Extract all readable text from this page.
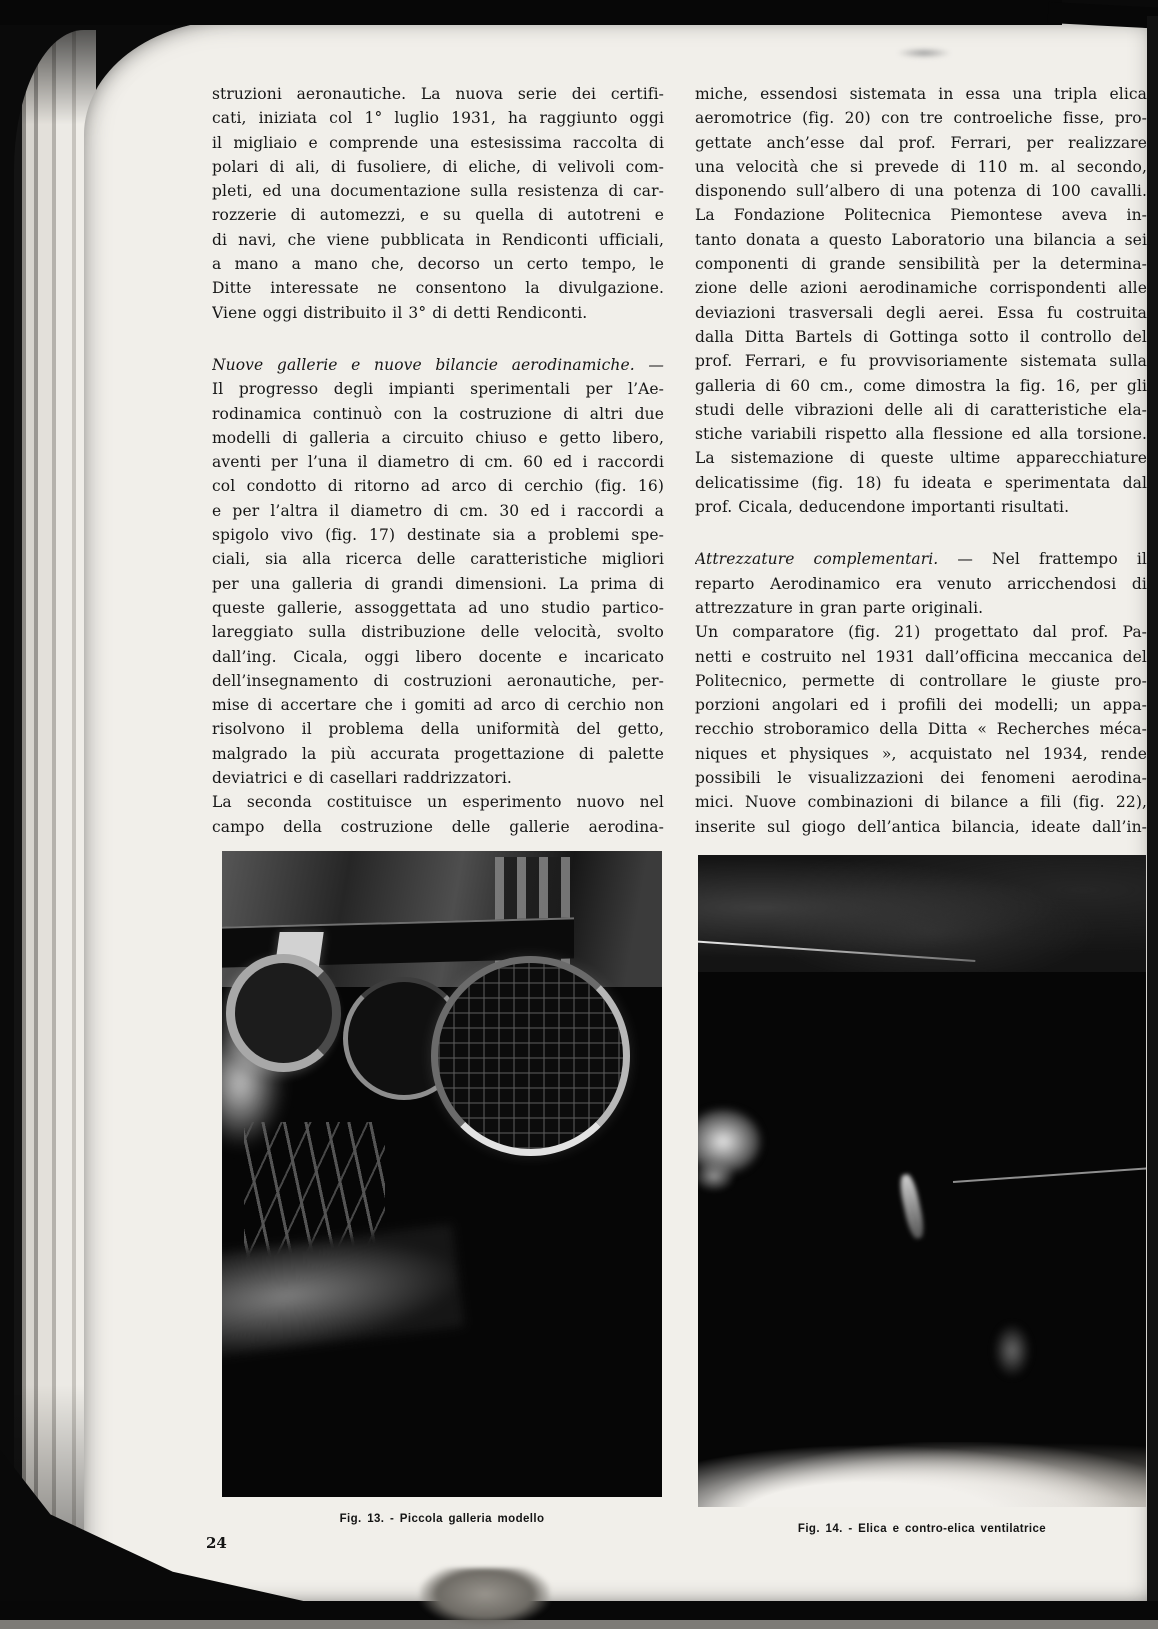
struzioni aeronautiche. La nuova serie dei certifi-
cati, iniziata col 1° luglio 1931, ha raggiunto oggi
il migliaio e comprende una estesissima raccolta di
polari di ali, di fusoliere, di eliche, di velivoli com-
pleti, ed una documentazione sulla resistenza di car-
rozzerie di automezzi, e su quella di autotreni e
di navi, che viene pubblicata in Rendiconti ufficiali,
a mano a mano che, decorso un certo tempo, le
Ditte interessate ne consentono la divulgazione.
Viene oggi distribuito il 3° di detti Rendiconti.
Nuove gallerie e nuove bilancie aerodinamiche. —
Il progresso degli impianti sperimentali per l’Ae-
rodinamica continuò con la costruzione di altri due
modelli di galleria a circuito chiuso e getto libero,
aventi per l’una il diametro di cm. 60 ed i raccordi
col condotto di ritorno ad arco di cerchio (fig. 16)
e per l’altra il diametro di cm. 30 ed i raccordi a
spigolo vivo (fig. 17) destinate sia a problemi spe-
ciali, sia alla ricerca delle caratteristiche migliori
per una galleria di grandi dimensioni. La prima di
queste gallerie, assoggettata ad uno studio partico-
lareggiato sulla distribuzione delle velocità, svolto
dall’ing. Cicala, oggi libero docente e incaricato
dell’insegnamento di costruzioni aeronautiche, per-
mise di accertare che i gomiti ad arco di cerchio non
risolvono il problema della uniformità del getto,
malgrado la più accurata progettazione di palette
deviatrici e di casellari raddrizzatori.
La seconda costituisce un esperimento nuovo nel
campo della costruzione delle gallerie aerodina-
miche, essendosi sistemata in essa una tripla elica
aeromotrice (fig. 20) con tre controeliche fisse, pro-
gettate anch’esse dal prof. Ferrari, per realizzare
una velocità che si prevede di 110 m. al secondo,
disponendo sull’albero di una potenza di 100 cavalli.
La Fondazione Politecnica Piemontese aveva in-
tanto donata a questo Laboratorio una bilancia a sei
componenti di grande sensibilità per la determina-
zione delle azioni aerodinamiche corrispondenti alle
deviazioni trasversali degli aerei. Essa fu costruita
dalla Ditta Bartels di Gottinga sotto il controllo del
prof. Ferrari, e fu provvisoriamente sistemata sulla
galleria di 60 cm., come dimostra la fig. 16, per gli
studi delle vibrazioni delle ali di caratteristiche ela-
stiche variabili rispetto alla flessione ed alla torsione.
La sistemazione di queste ultime apparecchiature
delicatissime (fig. 18) fu ideata e sperimentata dal
prof. Cicala, deducendone importanti risultati.
Attrezzature complementari. — Nel frattempo il
reparto Aerodinamico era venuto arricchendosi di
attrezzature in gran parte originali.
Un comparatore (fig. 21) progettato dal prof. Pa-
netti e costruito nel 1931 dall’officina meccanica del
Politecnico, permette di controllare le giuste pro-
porzioni angolari ed i profili dei modelli; un appa-
recchio stroboramico della Ditta « Recherches méca-
niques et physiques », acquistato nel 1934, rende
possibili le visualizzazioni dei fenomeni aerodina-
mici. Nuove combinazioni di bilance a fili (fig. 22),
inserite sul giogo dell’antica bilancia, ideate dall’in-
Fig. 13. - Piccola galleria modello
Fig. 14. - Elica e contro-elica ventilatrice
24
